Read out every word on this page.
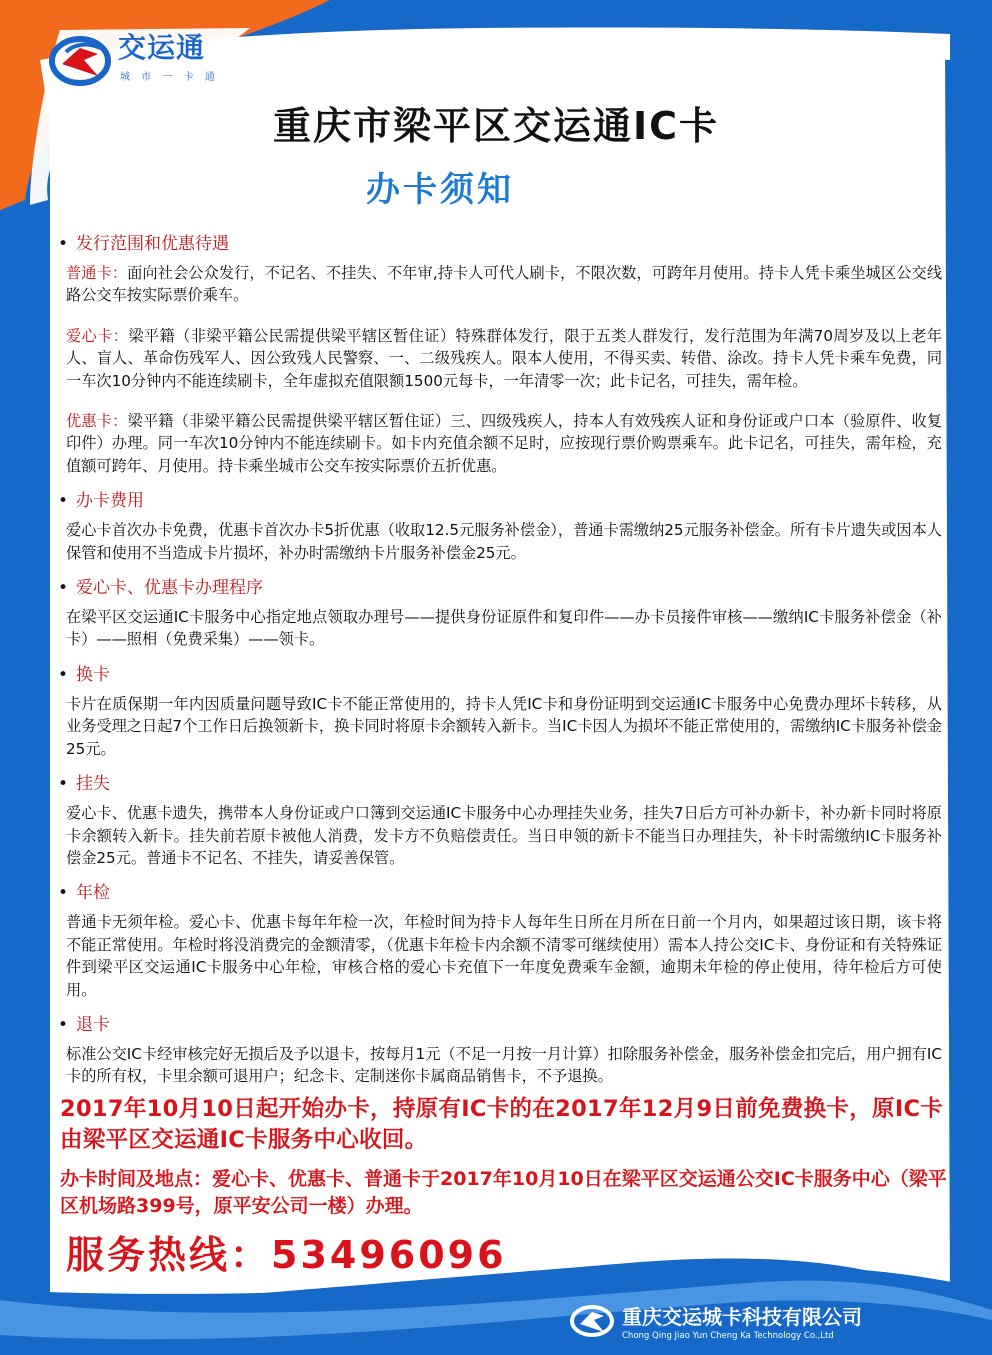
交运通
城 市 一 卡 通
重庆市梁平区交运通IC卡
办卡须知
• 发行范围和优惠待遇

普通卡：面向社会公众发行，不记名、不挂失、不年审,持卡人可代人刷卡，不限次数，可跨年月使用。持卡人凭卡乘坐城区公交线路公交车按实际票价乘车。

爱心卡：梁平籍（非梁平籍公民需提供梁平辖区暂住证）特殊群体发行，限于五类人群发行，发行范围为年满70周岁及以上老年人、盲人、革命伤残军人、因公致残人民警察、一、二级残疾人。限本人使用，不得买卖、转借、涂改。持卡人凭卡乘车免费，同一车次10分钟内不能连续刷卡，全年虚拟充值限额1500元每卡，一年清零一次；此卡记名，可挂失，需年检。

优惠卡：梁平籍（非梁平籍公民需提供梁平辖区暂住证）三、四级残疾人，持本人有效残疾人证和身份证或户口本（验原件、收复印件）办理。同一车次10分钟内不能连续刷卡。如卡内充值余额不足时，应按现行票价购票乘车。此卡记名，可挂失，需年检，充值额可跨年、月使用。持卡乘坐城市公交车按实际票价五折优惠。

• 办卡费用

爱心卡首次办卡免费，优惠卡首次办卡5折优惠（收取12.5元服务补偿金），普通卡需缴纳25元服务补偿金。所有卡片遗失或因本人保管和使用不当造成卡片损坏，补办时需缴纳卡片服务补偿金25元。

• 爱心卡、优惠卡办理程序

在梁平区交运通IC卡服务中心指定地点领取办理号——提供身份证原件和复印件——办卡员接件审核——缴纳IC卡服务补偿金（补卡）——照相（免费采集）——领卡。

• 换卡

卡片在质保期一年内因质量问题导致IC卡不能正常使用的，持卡人凭IC卡和身份证明到交运通IC卡服务中心免费办理坏卡转移，从业务受理之日起7个工作日后换领新卡，换卡同时将原卡余额转入新卡。当IC卡因人为损坏不能正常使用的，需缴纳IC卡服务补偿金25元。

• 挂失

爱心卡、优惠卡遗失，携带本人身份证或户口簿到交运通IC卡服务中心办理挂失业务，挂失7日后方可补办新卡，补办新卡同时将原卡余额转入新卡。挂失前若原卡被他人消费，发卡方不负赔偿责任。当日申领的新卡不能当日办理挂失，补卡时需缴纳IC卡服务补偿金25元。普通卡不记名、不挂失，请妥善保管。

• 年检

普通卡无须年检。爱心卡、优惠卡每年年检一次，年检时间为持卡人每年生日所在月所在日前一个月内，如果超过该日期，该卡将不能正常使用。年检时将没消费完的金额清零，（优惠卡年检卡内余额不清零可继续使用）需本人持公交IC卡、身份证和有关特殊证件到梁平区交运通IC卡服务中心年检，审核合格的爱心卡充值下一年度免费乘车金额，逾期未年检的停止使用，待年检后方可使用。

• 退卡

标准公交IC卡经审核完好无损后及予以退卡，按每月1元（不足一月按一月计算）扣除服务补偿金，服务补偿金扣完后，用户拥有IC卡的所有权，卡里余额可退用户；纪念卡、定制迷你卡属商品销售卡，不予退换。

2017年10月10日起开始办卡，持原有IC卡的在2017年12月9日前免费换卡，原IC卡由梁平区交运通IC卡服务中心收回。
办卡时间及地点：爱心卡、优惠卡、普通卡于2017年10月10日在梁平区交运通公交IC卡服务中心（梁平区机场路399号，原平安公司一楼）办理。
服务热线：53496096
重庆交运城卡科技有限公司
Chong Qing Jiao Yun Cheng Ka Technology Co.,Ltd
